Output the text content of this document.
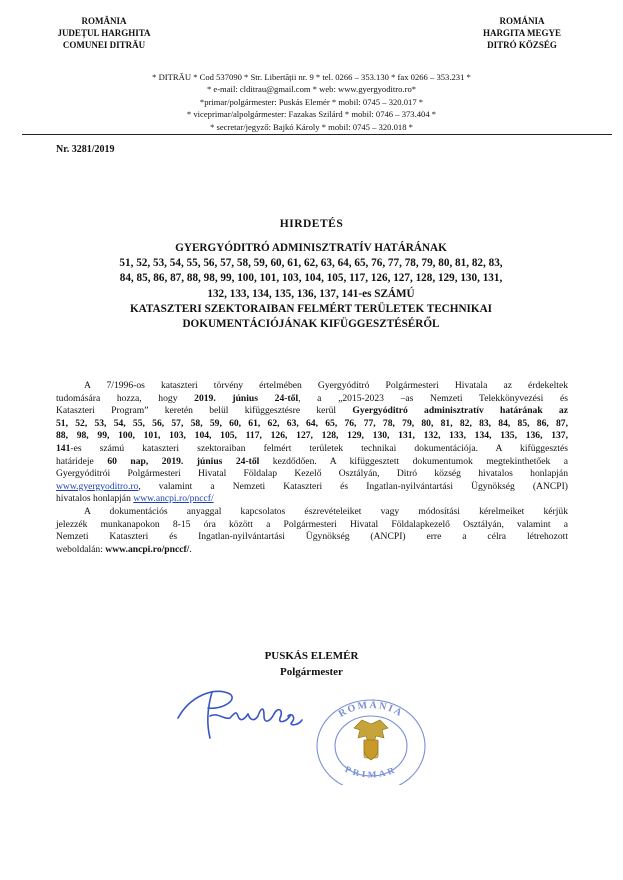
ROMÂNIA
JUDEȚUL HARGHITA
COMUNEI DITRĂU
ROMÁNIA
HARGITA MEGYE
DITRÓ KÖZSÉG
* DITRĂU * Cod 537090 * Str. Libertății nr. 9 * tel. 0266 – 353.130 * fax 0266 – 353.231 *
* e-mail: clditrau@gmail.com * web: www.gyergyoditro.ro*
*primar/polgármester: Puskás Elemér * mobil: 0745 – 320.017 *
* viceprimar/alpolgármester: Fazakas Szilárd * mobil: 0746 – 373.404 *
* secretar/jegyző: Bajkó Károly * mobil: 0745 – 320.018 *
Nr. 3281/2019
HIRDETÉS
GYERGYÓDITRÓ ADMINISZTRATÍV HATÁRÁNAK
51, 52, 53, 54, 55, 56, 57, 58, 59, 60, 61, 62, 63, 64, 65, 76, 77, 78, 79, 80, 81, 82, 83,
84, 85, 86, 87, 88, 98, 99, 100, 101, 103, 104, 105, 117, 126, 127, 128, 129, 130, 131,
132, 133, 134, 135, 136, 137, 141-es SZÁMÚ
KATASZTERI SZEKTORAIBAN FELMÉRT TERÜLETEK TECHNIKAI
DOKUMENTÁCIÓJÁNAK KIFÜGGESZTÉSÉRŐL
A 7/1996-os kataszteri törvény értelmében Gyergyóditró Polgármesteri Hivatala az érdekeltek
tudomására hozza, hogy 2019. június 24-től, a „2015-2023 –as Nemzeti Telekkönyvezési és
Kataszteri Program” keretén belül kifüggesztésre kerül Gyergyóditró adminisztratív határának az
51, 52, 53, 54, 55, 56, 57, 58, 59, 60, 61, 62, 63, 64, 65, 76, 77, 78, 79, 80, 81, 82, 83, 84, 85, 86, 87,
88, 98, 99, 100, 101, 103, 104, 105, 117, 126, 127, 128, 129, 130, 131, 132, 133, 134, 135, 136, 137,
141-es számú kataszteri szektoraiban felmért területek technikai dokumentációja. A kifüggesztés
határideje 60 nap, 2019. június 24-től kezdődően. A kifüggesztett dokumentumok megtekinthetőek a
Gyergyóditrói Polgármesteri Hivatal Földalap Kezelő Osztályán, Ditró község hivatalos honlapján
www.gyergyoditro.ro, valamint a Nemzeti Kataszteri és Ingatlan-nyilvántartási Ügynökség (ANCPI)
hivatalos honlapján www.ancpi.ro/pnccf/
A dokumentációs anyaggal kapcsolatos észrevételeiket vagy módosítási kérelmeiket kérjük
jelezzék munkanapokon 8-15 óra között a Polgármesteri Hivatal Földalapkezelő Osztályán, valamint a
Nemzeti Kataszteri és Ingatlan-nyilvántartási Ügynökség (ANCPI) erre a célra létrehozott
weboldalán: www.ancpi.ro/pnccf/.
PUSKÁS ELEMÉR
Polgármester
ROMÂNIA
PRIMAR
